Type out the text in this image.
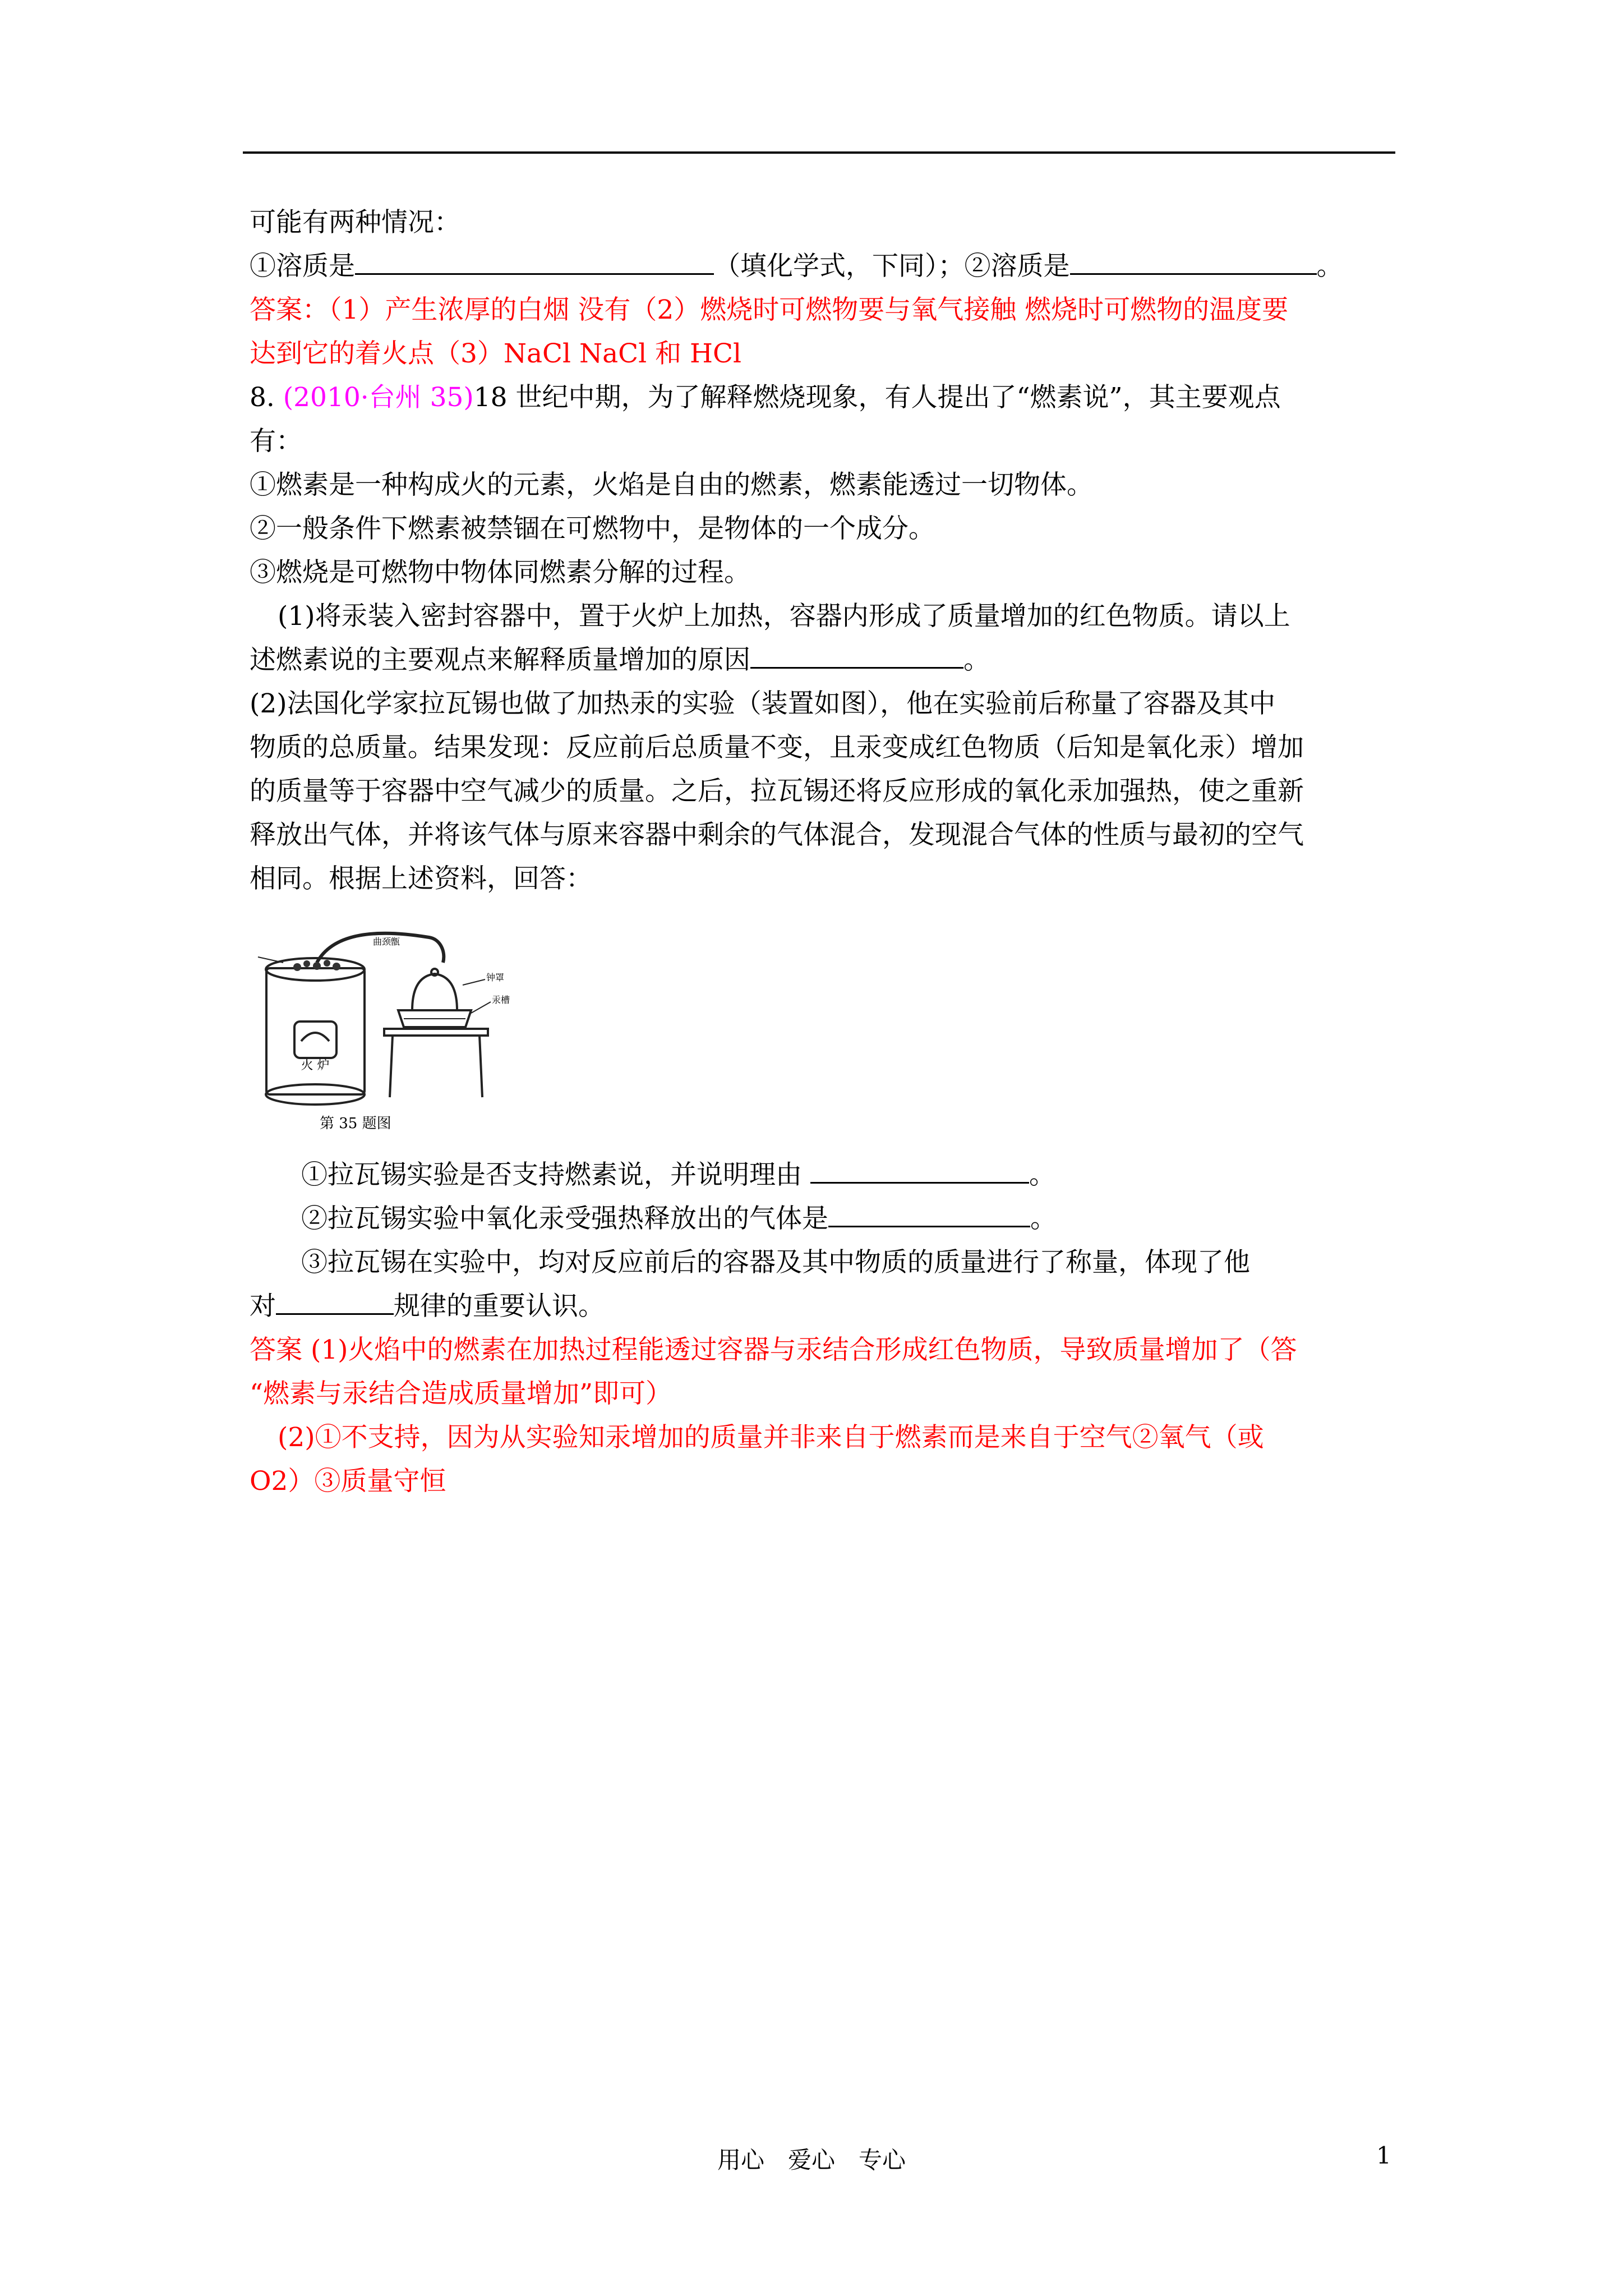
可能有两种情况：
①溶质是	（填化学式，下同）；②溶质是	。
答案：（1）产生浓厚的白烟 没有（2）燃烧时可燃物要与氧气接触 燃烧时可燃物的温度要
达到它的着火点（3）NaCl NaCl 和 HCl
8. (2010·台州 35)18 世纪中期，为了解释燃烧现象，有人提出了“燃素说”，其主要观点
有：
①燃素是一种构成火的元素，火焰是自由的燃素，燃素能透过一切物体。
②一般条件下燃素被禁锢在可燃物中，是物体的一个成分。
③燃烧是可燃物中物体同燃素分解的过程。
(1)将汞装入密封容器中，置于火炉上加热，容器内形成了质量增加的红色物质。请以上
述燃素说的主要观点来解释质量增加的原因	。
(2)法国化学家拉瓦锡也做了加热汞的实验（装置如图），他在实验前后称量了容器及其中
物质的总质量。结果发现：反应前后总质量不变，且汞变成红色物质（后知是氧化汞）增加
的质量等于容器中空气减少的质量。之后，拉瓦锡还将反应形成的氧化汞加强热，使之重新
释放出气体，并将该气体与原来容器中剩余的气体混合，发现混合气体的性质与最初的空气
相同。根据上述资料，回答：
火 炉
曲颈甑
钟罩
汞槽
第 35 题图
①拉瓦锡实验是否支持燃素说，并说明理由	。
②拉瓦锡实验中氧化汞受强热释放出的气体是	。
③拉瓦锡在实验中，均对反应前后的容器及其中物质的质量进行了称量，体现了他
对	规律的重要认识。
答案 (1)火焰中的燃素在加热过程能透过容器与汞结合形成红色物质，导致质量增加了（答
“燃素与汞结合造成质量增加”即可）
(2)①不支持，因为从实验知汞增加的质量并非来自于燃素而是来自于空气②氧气（或
O2）③质量守恒
用心　爱心　专心	1
